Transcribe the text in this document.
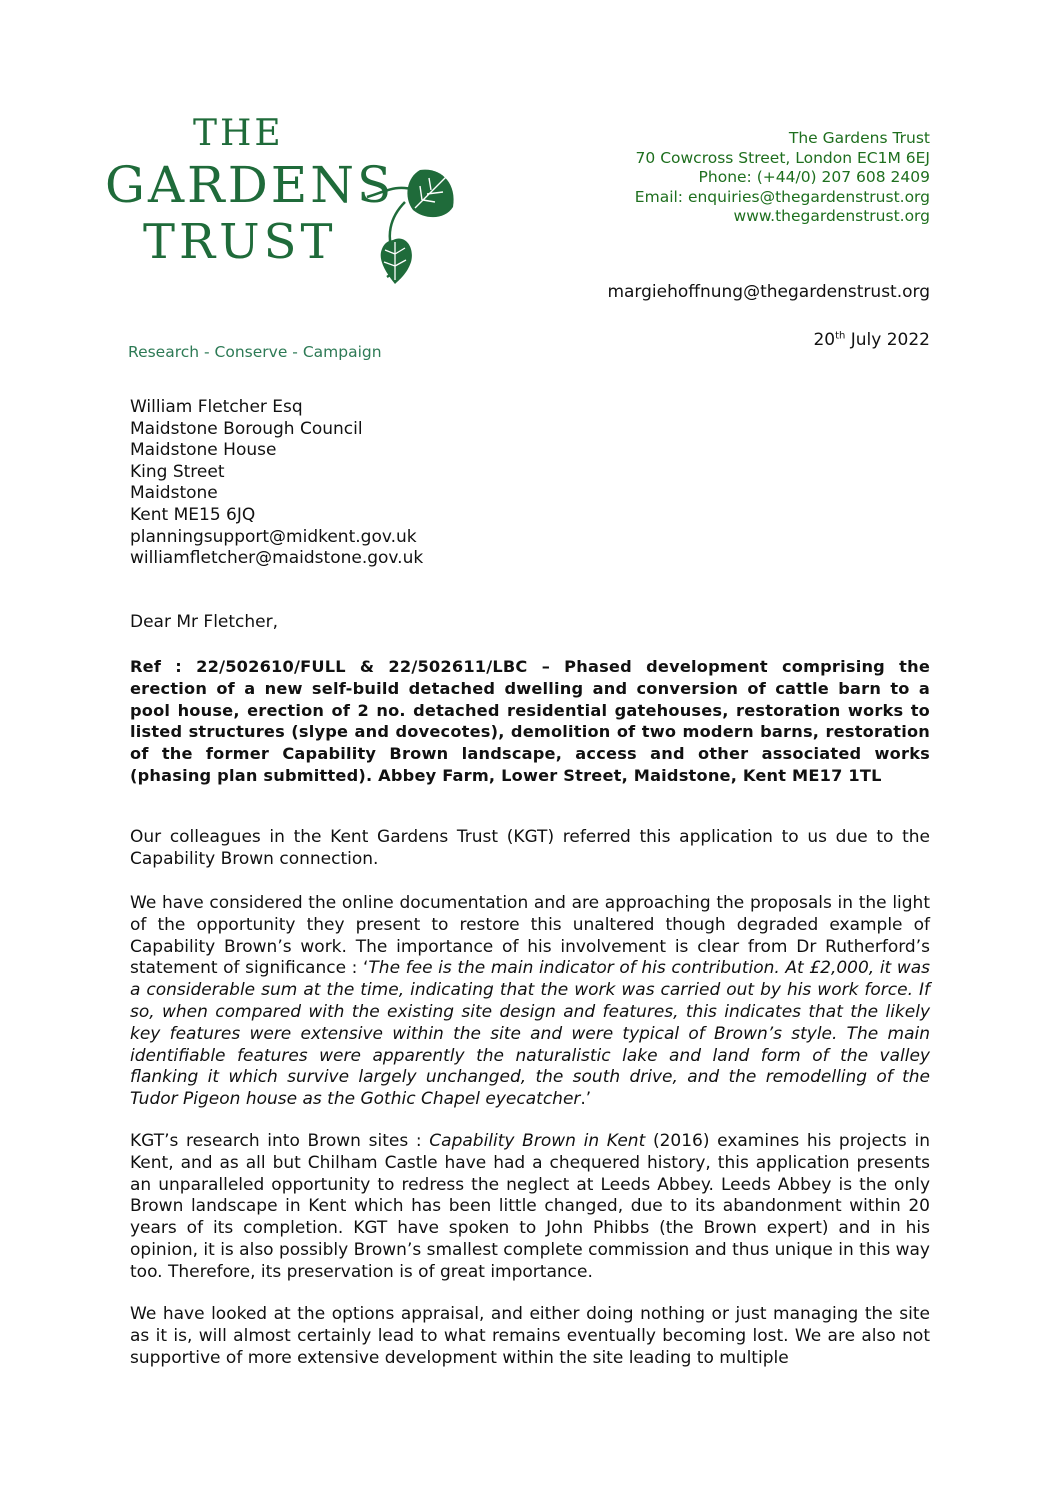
THE
GARDENS
TRUST
The Gardens Trust
70 Cowcross Street, London EC1M 6EJ
Phone: (+44/0) 207 608 2409
Email: enquiries@thegardenstrust.org
www.thegardenstrust.org
margiehoffnung@thegardenstrust.org
20th July 2022
Research - Conserve - Campaign
William Fletcher Esq
Maidstone Borough Council
Maidstone House
King Street
Maidstone
Kent ME15 6JQ
planningsupport@midkent.gov.uk
williamfletcher@maidstone.gov.uk
Dear Mr Fletcher,
Ref : 22/502610/FULL & 22/502611/LBC – Phased development comprising the erection of a new self-build detached dwelling and conversion of cattle barn to a pool house, erection of 2 no. detached residential gatehouses, restoration works to listed structures (slype and dovecotes), demolition of two modern barns, restoration of the former Capability Brown landscape, access and other associated works (phasing plan submitted). Abbey Farm, Lower Street, Maidstone, Kent ME17 1TL
Our colleagues in the Kent Gardens Trust (KGT) referred this application to us due to the Capability Brown connection.
We have considered the online documentation and are approaching the proposals in the light of the opportunity they present to restore this unaltered though degraded example of Capability Brown’s work. The importance of his involvement is clear from Dr Rutherford’s statement of significance : ‘The fee is the main indicator of his contribution. At £2,000, it was a considerable sum at the time, indicating that the work was carried out by his work force. If so, when compared with the existing site design and features, this indicates that the likely key features were extensive within the site and were typical of Brown’s style. The main identifiable features were apparently the naturalistic lake and land form of the valley flanking it which survive largely unchanged, the south drive, and the remodelling of the Tudor Pigeon house as the Gothic Chapel eyecatcher.’
KGT’s research into Brown sites : Capability Brown in Kent (2016) examines his projects in Kent, and as all but Chilham Castle have had a chequered history, this application presents an unparalleled opportunity to redress the neglect at Leeds Abbey. Leeds Abbey is the only Brown landscape in Kent which has been little changed, due to its abandonment within 20 years of its completion. KGT have spoken to John Phibbs (the Brown expert) and in his opinion, it is also possibly Brown’s smallest complete commission and thus unique in this way too. Therefore, its preservation is of great importance.
We have looked at the options appraisal, and either doing nothing or just managing the site as it is, will almost certainly lead to what remains eventually becoming lost. We are also not supportive of more extensive development within the site leading to multiple
